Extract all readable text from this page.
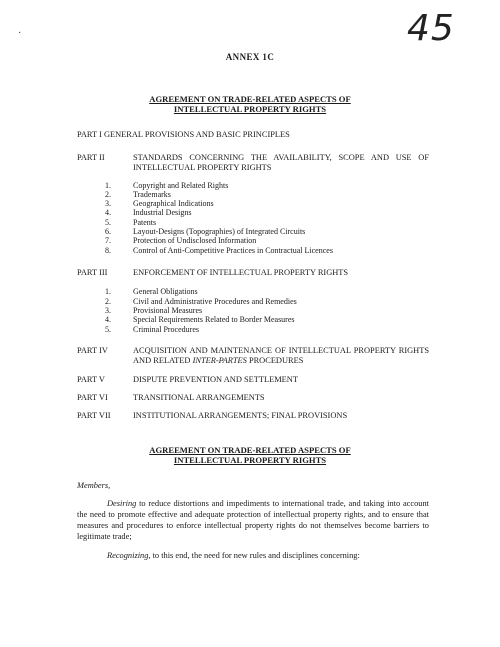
45
·
ANNEX 1C
AGREEMENT ON TRADE-RELATED ASPECTS OF
INTELLECTUAL PROPERTY RIGHTS
PART I GENERAL PROVISIONS AND BASIC PRINCIPLES
PART II	STANDARDS CONCERNING THE AVAILABILITY, SCOPE AND USE OF INTELLECTUAL PROPERTY RIGHTS
1.	Copyright and Related Rights
2.	Trademarks
3.	Geographical Indications
4.	Industrial Designs
5.	Patents
6.	Layout-Designs (Topographies) of Integrated Circuits
7.	Protection of Undisclosed Information
8.	Control of Anti-Competitive Practices in Contractual Licences
PART III	ENFORCEMENT OF INTELLECTUAL PROPERTY RIGHTS
1.	General Obligations
2.	Civil and Administrative Procedures and Remedies
3.	Provisional Measures
4.	Special Requirements Related to Border Measures
5.	Criminal Procedures
PART IV	ACQUISITION AND MAINTENANCE OF INTELLECTUAL PROPERTY RIGHTS AND RELATED INTER-PARTES PROCEDURES
PART V	DISPUTE PREVENTION AND SETTLEMENT
PART VI	TRANSITIONAL ARRANGEMENTS
PART VII	INSTITUTIONAL ARRANGEMENTS; FINAL PROVISIONS
AGREEMENT ON TRADE-RELATED ASPECTS OF
INTELLECTUAL PROPERTY RIGHTS
Members,
Desiring to reduce distortions and impediments to international trade, and taking into account the need to promote effective and adequate protection of intellectual property rights, and to ensure that measures and procedures to enforce intellectual property rights do not themselves become barriers to legitimate trade;
Recognizing, to this end, the need for new rules and disciplines concerning:
